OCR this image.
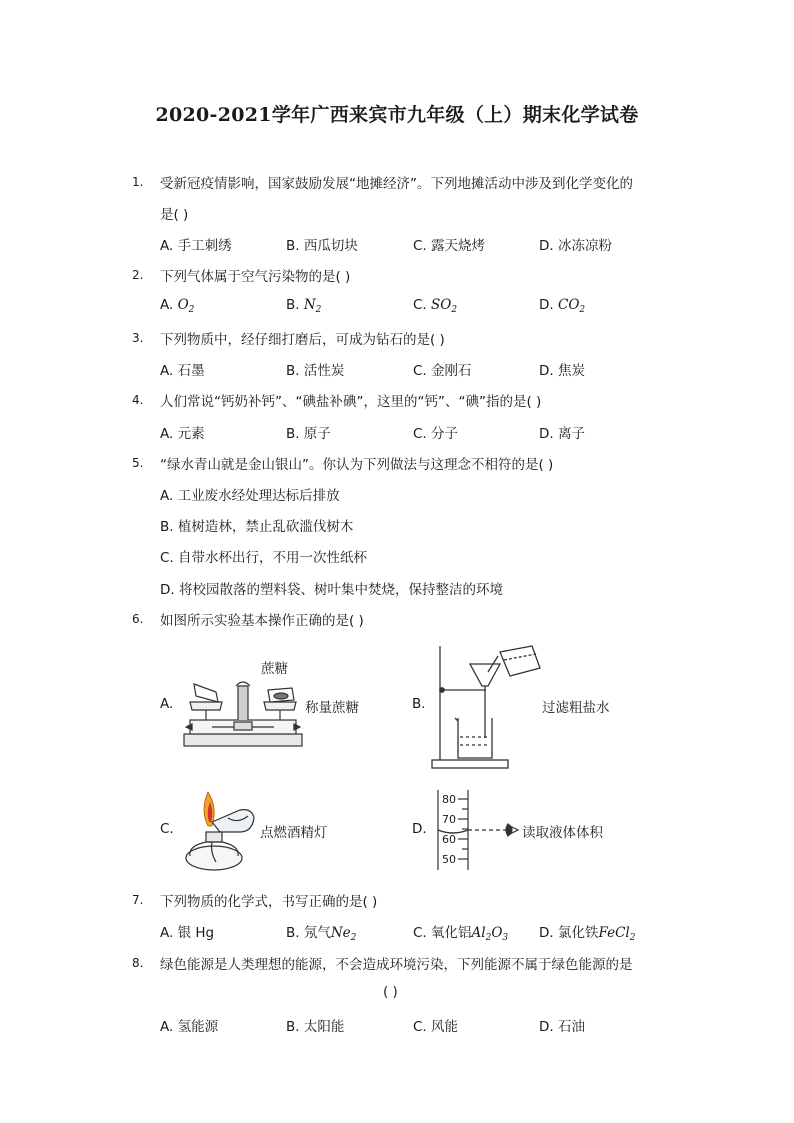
2020-2021学年广西来宾市九年级（上）期末化学试卷
1. 受新冠疫情影响，国家鼓励发展“地摊经济”。下列地摊活动中涉及到化学变化的
是( )
A. 手工刺绣	B. 西瓜切块	C. 露天烧烤	D. 冰冻凉粉
2. 下列气体属于空气污染物的是( )
A. $O_2$	B. $N_2$	C. $SO_2$	D. $CO_2$
3. 下列物质中，经仔细打磨后，可成为钻石的是( )
A. 石墨	B. 活性炭	C. 金刚石	D. 焦炭
4. 人们常说“钙奶补钙”、“碘盐补碘”，这里的“钙”、“碘”指的是( )
A. 元素	B. 原子	C. 分子	D. 离子
5. “绿水青山就是金山银山”。你认为下列做法与这理念不相符的是( )
A. 工业废水经处理达标后排放
B. 植树造林，禁止乱砍滥伐树木
C. 自带水杯出行，不用一次性纸杯
D. 将校园散落的塑料袋、树叶集中焚烧，保持整洁的环境
6. 如图所示实验基本操作正确的是( )
A.
蔗糖
称量蔗糖	B.	过滤粗盐水
C.	点燃酒精灯	D.
80
70
60
50
读取液体体积
7. 下列物质的化学式，书写正确的是( )
A. 银 Hg	B. 氖气$Ne_2$	C. 氧化铝$Al_2O_3$ D. 氯化铁FeCl$_2$
8. 绿色能源是人类理想的能源，不会造成环境污染，下列能源不属于绿色能源的是
( )
A. 氢能源	B. 太阳能	C. 风能	D. 石油
